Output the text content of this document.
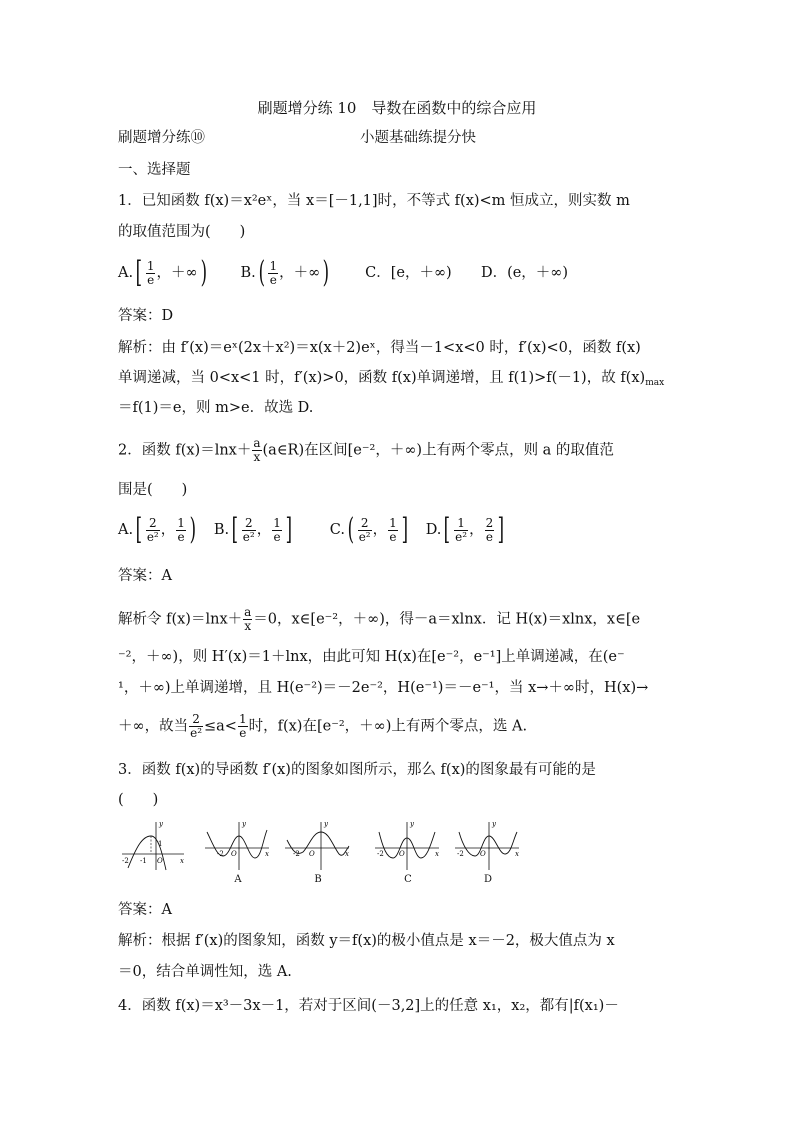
刷题增分练 10　导数在函数中的综合应用
刷题增分练⑩	小题基础练提分快
一、选择题
1．已知函数 f(x)＝x²eˣ，当 x＝[－1,1]时，不等式 f(x)<m 恒成立，则实数 m
的取值范围为(　　)
$A.[ \frac{1}{e}$ ，＋∞) $B.( \frac{1}{e}$ ，＋∞) C．[e，＋∞) D．(e，＋∞)
答案：D
解析：由 f′(x)＝eˣ(2x＋x²)＝x(x＋2)eˣ，得当－1<x<0 时，f′(x)<0，函数 f(x)
单调递减，当 0<x<1 时，f′(x)>0，函数 f(x)单调递增，且 f(1)>f(－1)，故 $f(x)_{max}$
＝f(1)＝e，则 m>e．故选 D.
2．函数 $f(x)=\ln x+ \frac{a}{x}$ (a∈R)在区间[e⁻²，＋∞)上有两个零点，则 a 的取值范
围是(　　)
$A.[ \frac{2}{\text{e²}}$ ， $\frac{1}{e}$ ) $B.[ \frac{2}{\text{e²}}$ ， $\frac{1}{e}$ ]	$C.( \frac{2}{\text{e²}}$ ， $\frac{1}{e}$ ] $D.[ \frac{1}{\text{e²}}$ ， $\frac{2}{e}$ ]
答案：A
解析令 $f(x)=\ln x+ \frac{a}{x} =0$，x∈[e⁻²，＋∞)，得－a＝xlnx．记 H(x)＝xlnx，x∈[e
⁻²，＋∞)，则 H′(x)＝1＋lnx，由此可知 H(x)在[e⁻²，e⁻¹]上单调递减，在(e⁻
¹，＋∞)上单调递增，且 H(e⁻²)＝－2e⁻²，H(e⁻¹)＝－e⁻¹，当 x→＋∞时，H(x)→
＋∞，故当 $\frac{2}{\text{e²}} \le a< \frac{1}{e}$ 时，f(x)在[e⁻²，＋∞)上有两个零点，选 A.
3．函数 f(x)的导函数 f′(x)的图象如图所示，那么 f(x)的图象最有可能的是
(　　)
y
x
-2 -1 O
1
y
x
-2 O
A
y
x
-2 O
B
y
x
-2 O
C
y
x
-2 O
D
答案：A
解析：根据 f′(x)的图象知，函数 y＝f(x)的极小值点是 x＝－2，极大值点为 x
＝0，结合单调性知，选 A.
4．函数 f(x)＝x³－3x－1，若对于区间(－3,2]上的任意 x₁，x₂，都有|f(x₁)－
